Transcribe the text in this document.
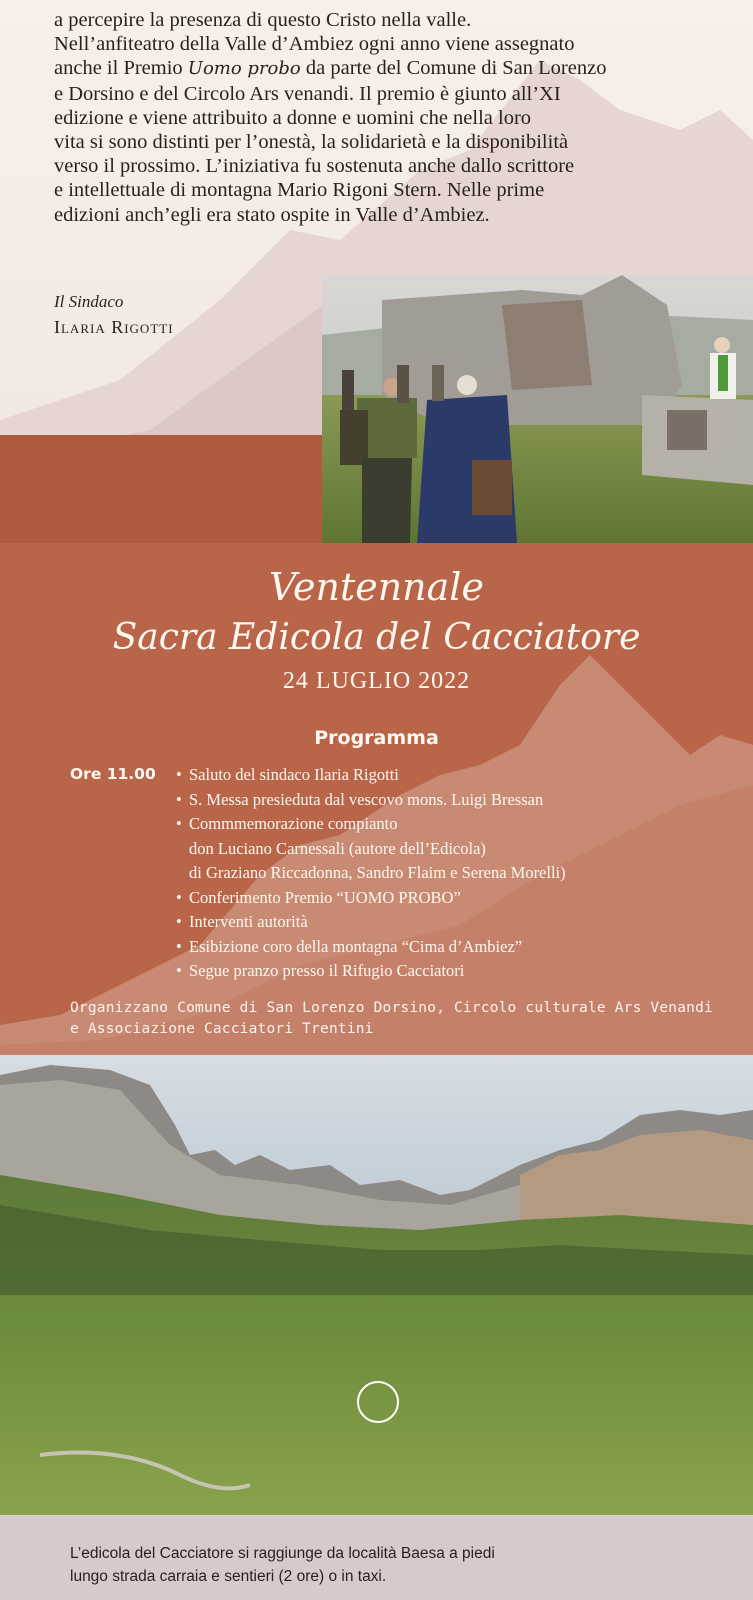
a percepire la presenza di questo Cristo nella valle.

Nell’anfiteatro della Valle d’Ambiez ogni anno viene assegnato

anche il Premio Uomo probo da parte del Comune di San Lorenzo

e Dorsino e del Circolo Ars venandi. Il premio è giunto all’XI

edizione e viene attribuito a donne e uomini che nella loro

vita si sono distinti per l’onestà, la solidarietà e la disponibilità

verso il prossimo. L’iniziativa fu sostenuta anche dallo scrittore

e intellettuale di montagna Mario Rigoni Stern. Nelle prime

edizioni anch’egli era stato ospite in Valle d’Ambiez.

Il Sindaco
Ilaria Rigotti
Ventennale
Sacra Edicola del Cacciatore
24 LUGLIO 2022
Programma
Ore 11.00
•	Saluto del sindaco Ilaria Rigotti
• S. Messa presieduta dal vescovo mons. Luigi Bressan
• Commmemorazione compianto
don Luciano Carnessali (autore dell’Edicola)
di Graziano Riccadonna, Sandro Flaim e Serena Morelli)
• Conferimento Premio “UOMO PROBO”
• Interventi autorità
• Esibizione coro della montagna “Cima d’Ambiez”
• Segue pranzo presso il Rifugio Cacciatori
Organizzano Comune di San Lorenzo Dorsino, Circolo culturale Ars Venandi
e Associazione Cacciatori Trentini
L’edicola del Cacciatore si raggiunge da località Baesa a piedi
lungo strada carraia e sentieri (2 ore) o in taxi.
